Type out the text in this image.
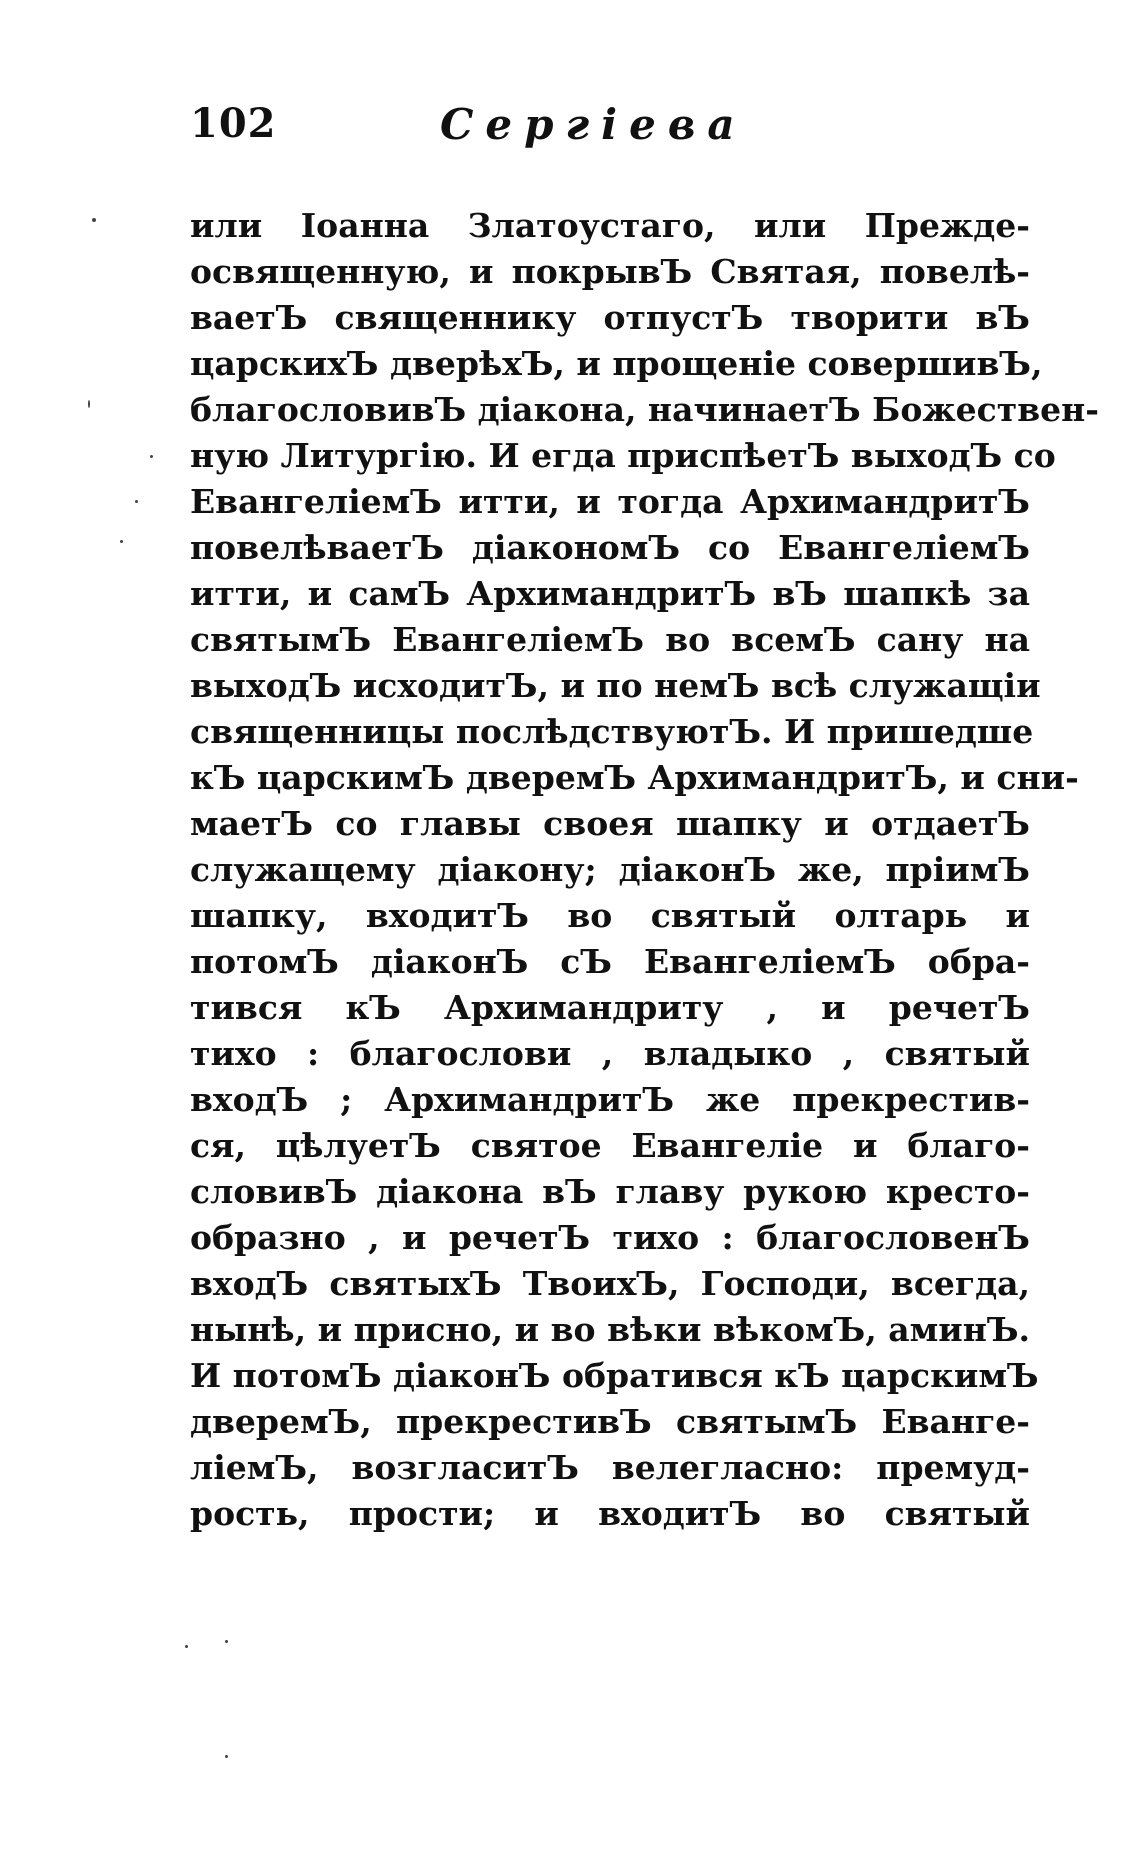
102	Сергіева
или Іоанна Златоустаго, или Прежде-
освященную, и покрывЪ Святая, повелѣ-
ваетЪ священнику отпустЪ творити вЪ
царскихЪ дверѣхЪ, и прощеніе совершивЪ,
благословивЪ діакона, начинаетЪ Божествен-
ную Литургію. И егда приспѣетЪ выходЪ со
ЕвангеліемЪ итти, и тогда АрхимандритЪ
повелѣваетЪ діакономЪ со ЕвангеліемЪ
итти, и самЪ АрхимандритЪ вЪ шапкѣ за
святымЪ ЕвангеліемЪ во всемЪ сану на
выходЪ исходитЪ, и по немЪ всѣ служащіи
священницы послѣдствуютЪ. И пришедше
кЪ царскимЪ дверемЪ АрхимандритЪ, и сни-
маетЪ со главы своея шапку и отдаетЪ
служащему діакону; діаконЪ же, пріимЪ
шапку, входитЪ во святый олтарь и
потомЪ діаконЪ сЪ ЕвангеліемЪ обра-
тився кЪ Архимандриту , и речетЪ
тихо : благослови , владыко , святый
входЪ ; АрхимандритЪ же прекрестив-
ся, цѣлуетЪ святое Евангеліе и благо-
словивЪ діакона вЪ главу рукою кресто-
образно , и речетЪ тихо : благословенЪ
входЪ святыхЪ ТвоихЪ, Господи, всегда,
нынѣ, и присно, и во вѣки вѣкомЪ, аминЪ.
И потомЪ діаконЪ обратився кЪ царскимЪ
дверемЪ, прекрестивЪ святымЪ Еванге-
ліемЪ, возгласитЪ велегласно: премуд-
рость, прости; и входитЪ во святый
